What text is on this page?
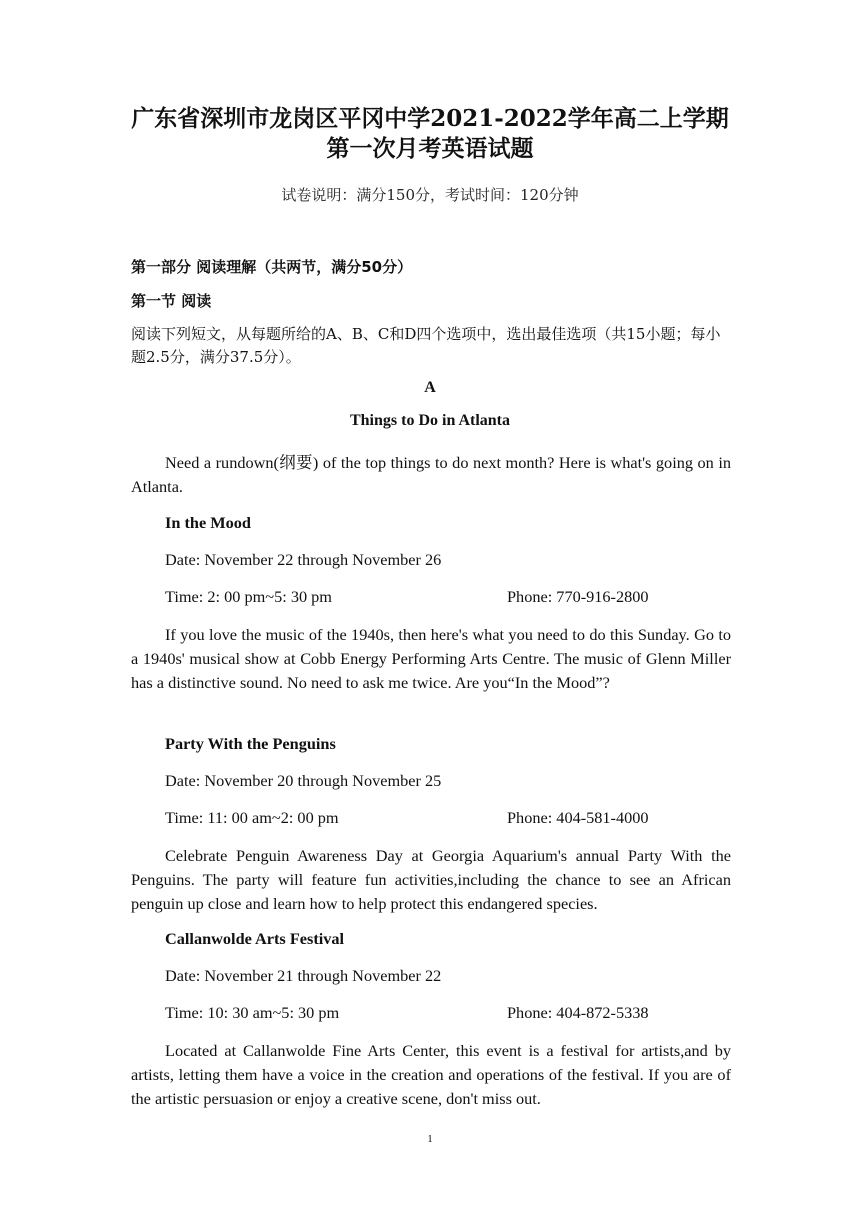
广东省深圳市龙岗区平冈中学2021-2022学年高二上学期第一次月考英语试题
试卷说明：满分150分，考试时间：120分钟
第一部分 阅读理解（共两节，满分50分）
第一节 阅读
阅读下列短文，从每题所给的A、B、C和D四个选项中，选出最佳选项（共15小题；每小题2.5分，满分37.5分）。
A
Things to Do in Atlanta
Need a rundown(纲要) of the top things to do next month? Here is what's going on in Atlanta.
In the Mood
Date: November 22 through November 26
Time: 2: 00 pm~5: 30 pm	Phone: 770-916-2800
If you love the music of the 1940s, then here's what you need to do this Sunday. Go to a 1940s' musical show at Cobb Energy Performing Arts Centre. The music of Glenn Miller has a distinctive sound. No need to ask me twice. Are you“In the Mood”?
Party With the Penguins
Date: November 20 through November 25
Time: 11: 00 am~2: 00 pm	Phone: 404-581-4000
Celebrate Penguin Awareness Day at Georgia Aquarium's annual Party With the Penguins. The party will feature fun activities,including the chance to see an African penguin up close and learn how to help protect this endangered species.
Callanwolde Arts Festival
Date: November 21 through November 22
Time: 10: 30 am~5: 30 pm	Phone: 404-872-5338
Located at Callanwolde Fine Arts Center, this event is a festival for artists,and by artists, letting them have a voice in the creation and operations of the festival. If you are of the artistic persuasion or enjoy a creative scene, don't miss out.
1
